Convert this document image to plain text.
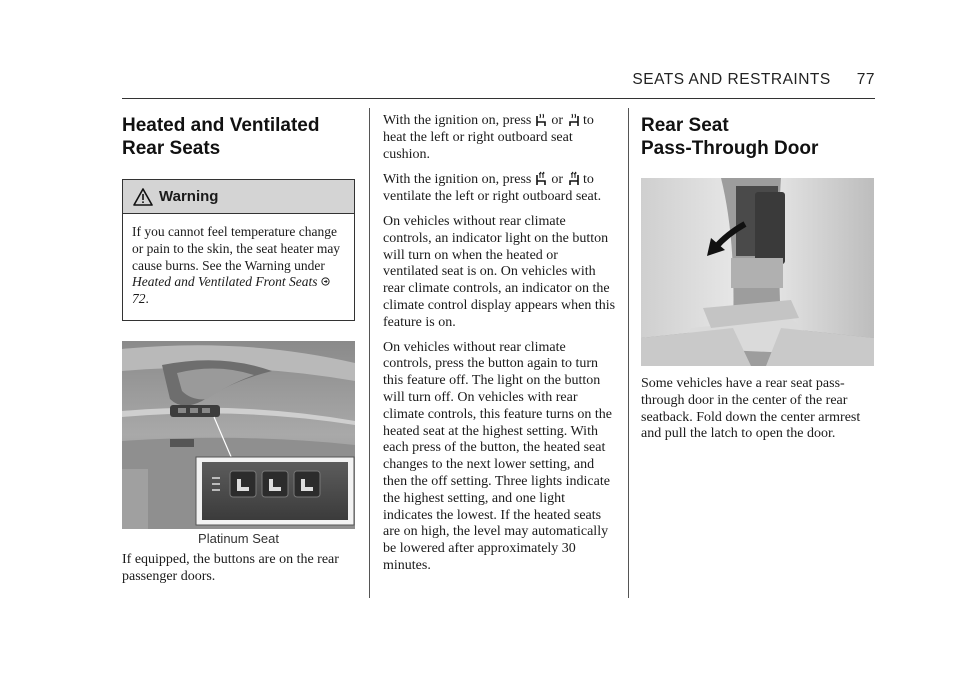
SEATS AND RESTRAINTS 77
Heated and Ventilated
Rear Seats
Warning

If you cannot feel temperature change or pain to the skin, the seat heater may cause burns. See the Warning under Heated and Ventilated Front Seats  72.

Platinum Seat

If equipped, the buttons are on the rear passenger doors.

With the ignition on, press or to heat the left or right outboard seat cushion.

With the ignition on, press or to ventilate the left or right outboard seat.

On vehicles without rear climate controls, an indicator light on the button will turn on when the heated or ventilated seat is on. On vehicles with rear climate controls, an indicator on the climate control display appears when this feature is on.

On vehicles without rear climate controls, press the button again to turn this feature off. The light on the button will turn off. On vehicles with rear climate controls, this feature turns on the heated seat at the highest setting. With each press of the button, the heated seat changes to the next lower setting, and then the off setting. Three lights indicate the highest setting, and one light indicates the lowest. If the heated seats are on high, the level may automatically be lowered after approximately 30 minutes.

Rear Seat
Pass-Through Door

Some vehicles have a rear seat pass-through door in the center of the rear seatback. Fold down the center armrest and pull the latch to open the door.
